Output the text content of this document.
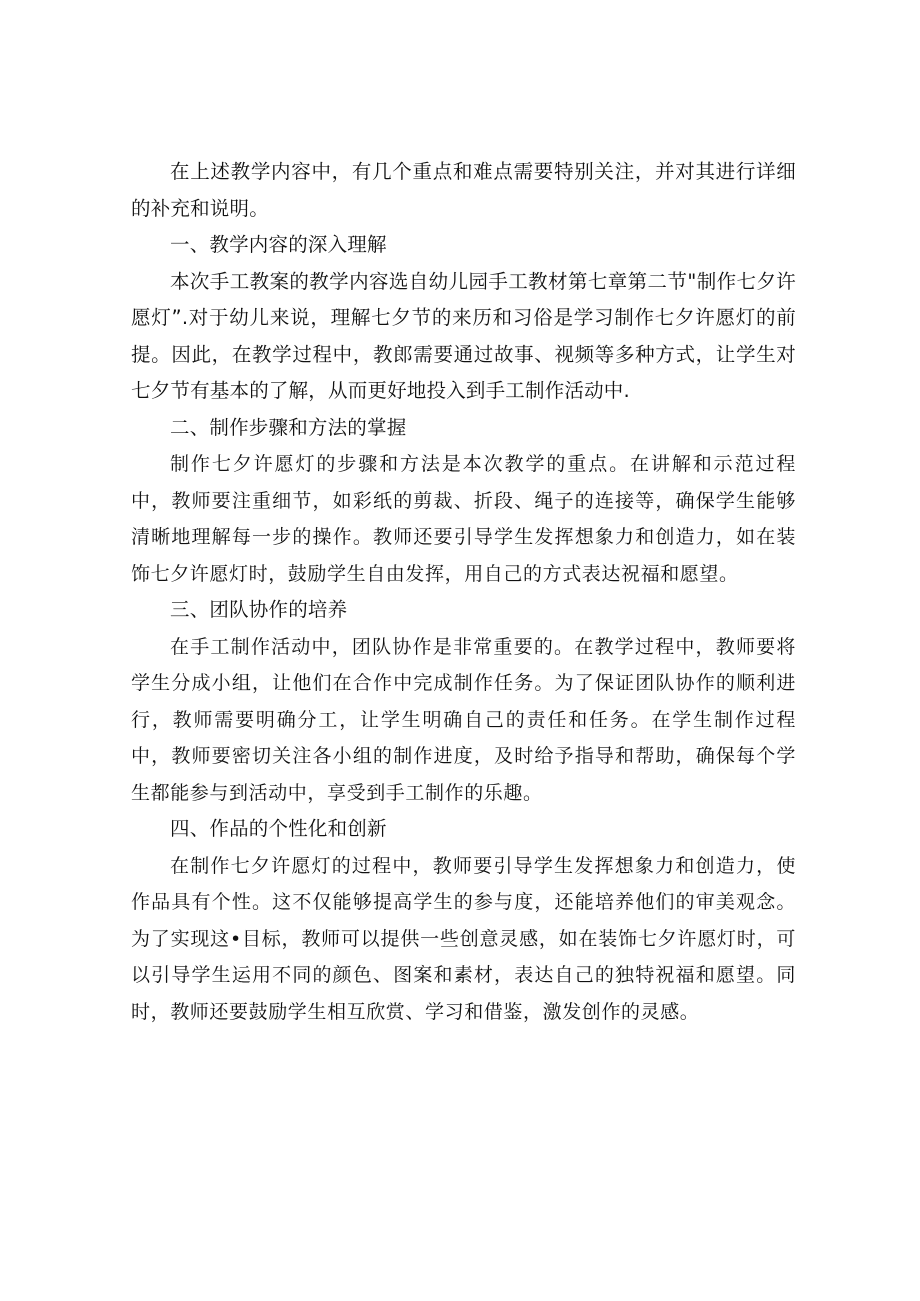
在上述教学内容中，有几个重点和难点需要特别关注，并对其进行详细的补充和说明。

一、教学内容的深入理解

本次手工教案的教学内容选自幼儿园手工教材第七章第二节"制作七夕许愿灯”.对于幼儿来说，理解七夕节的来历和习俗是学习制作七夕许愿灯的前提。因此，在教学过程中，教郎需要通过故事、视频等多种方式，让学生对七夕节有基本的了解，从而更好地投入到手工制作活动中.

二、制作步骤和方法的掌握

制作七夕许愿灯的步骤和方法是本次教学的重点。在讲解和示范过程中，教师要注重细节，如彩纸的剪裁、折段、绳子的连接等，确保学生能够清晰地理解每一步的操作。教师还要引导学生发挥想象力和创造力，如在装饰七夕许愿灯时，鼓励学生自由发挥，用自己的方式表达祝福和愿望。

三、团队协作的培养

在手工制作活动中，团队协作是非常重要的。在教学过程中，教师要将学生分成小组，让他们在合作中完成制作任务。为了保证团队协作的顺利进行，教师需要明确分工，让学生明确自己的责任和任务。在学生制作过程中，教师要密切关注各小组的制作进度，及时给予指导和帮助，确保每个学生都能参与到活动中，享受到手工制作的乐趣。

四、作品的个性化和创新

在制作七夕许愿灯的过程中，教师要引导学生发挥想象力和创造力，使作品具有个性。这不仅能够提高学生的参与度，还能培养他们的审美观念。为了实现这•目标，教师可以提供一些创意灵感，如在装饰七夕许愿灯时，可以引导学生运用不同的颜色、图案和素材，表达自己的独特祝福和愿望。同时，教师还要鼓励学生相互欣赏、学习和借鉴，激发创作的灵感。
